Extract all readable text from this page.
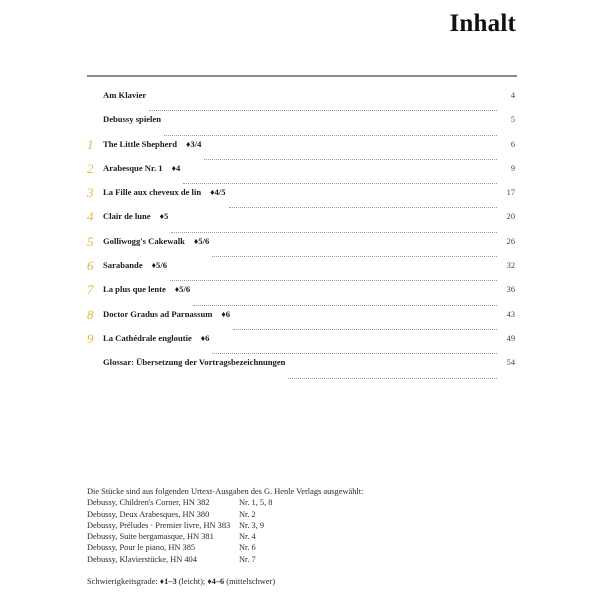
Inhalt
Am Klavier	4
Debussy spielen	5
1	The Little Shepherd ♦3/4	6
2	Arabesque Nr. 1 ♦4	9
3	La Fille aux cheveux de lin ♦4/5	17
4	Clair de lune ♦5	20
5	Golliwogg's Cakewalk ♦5/6	26
6	Sarabande ♦5/6	32
7	La plus que lente ♦5/6	36
8	Doctor Gradus ad Parnassum ♦6	43
9	La Cathédrale engloutie ♦6	49
Glossar: Übersetzung der Vortragsbezeichnungen	54
Die Stücke sind aus folgenden Urtext-Ausgaben des G. Henle Verlags ausgewählt:
Debussy, Children's Corner, HN 382	Nr. 1, 5, 8
Debussy, Deux Arabesques, HN 380	Nr. 2
Debussy, Préludes · Premier livre, HN 383	Nr. 3, 9
Debussy, Suite bergamasque, HN 381	Nr. 4
Debussy, Pour le piano, HN 385	Nr. 6
Debussy, Klavierstücke, HN 404	Nr. 7
Schwierigkeitsgrade: ♦1–3 (leicht); ♦4–6 (mittelschwer)
